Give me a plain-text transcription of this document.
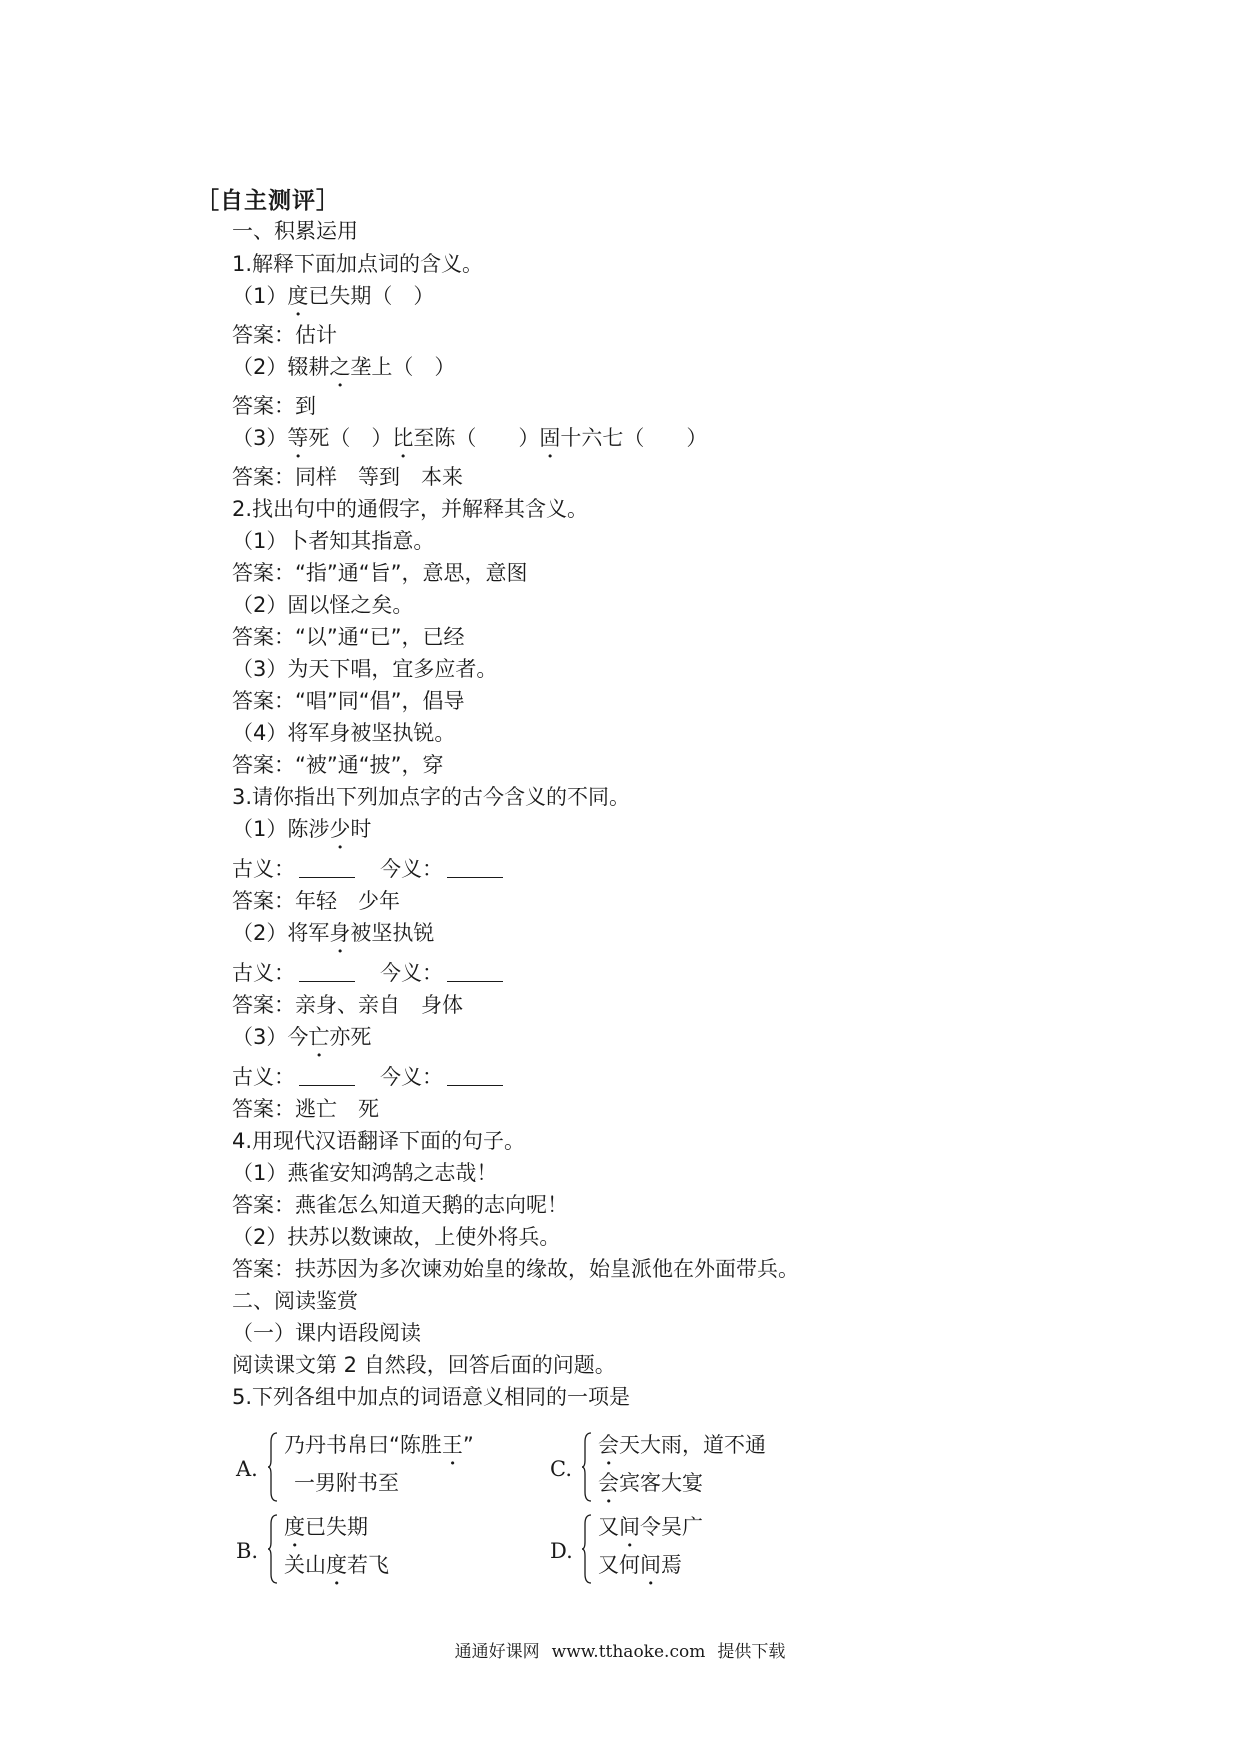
［自主测评］
一、积累运用
1.解释下面加点词的含义。
（1）度已失期（　）
答案：估计
（2）辍耕之垄上（　）
答案：到
（3）等死（　）比至陈（　　）固十六七（　　）
答案：同样　等到　本来
2.找出句中的通假字，并解释其含义。
（1）卜者知其指意。
答案：“指”通“旨”，意思，意图
（2）固以怪之矣。
答案：“以”通“已”，已经
（3）为天下唱，宜多应者。
答案：“唱”同“倡”，倡导
（4）将军身被坚执锐。
答案：“被”通“披”，穿
3.请你指出下列加点字的古今含义的不同。
（1）陈涉少时
古义：　	今义：
答案：年轻　少年
（2）将军身被坚执锐
古义：　	今义：
答案：亲身、亲自　身体
（3）今亡亦死
古义：　	今义：
答案：逃亡　死
4.用现代汉语翻译下面的句子。
（1）燕雀安知鸿鹄之志哉！
答案：燕雀怎么知道天鹅的志向呢！
（2）扶苏以数谏故，上使外将兵。
答案：扶苏因为多次谏劝始皇的缘故，始皇派他在外面带兵。
二、阅读鉴赏
（一）课内语段阅读
阅读课文第 2 自然段，回答后面的问题。
5.下列各组中加点的词语意义相同的一项是
A.
乃丹书帛曰“陈胜王”
一男附书至
C.
会天大雨，道不通
会宾客大宴
B.
度已失期
关山度若飞
D.
又间令吴广
又何间焉
通通好课网 www.tthaoke.com 提供下载
